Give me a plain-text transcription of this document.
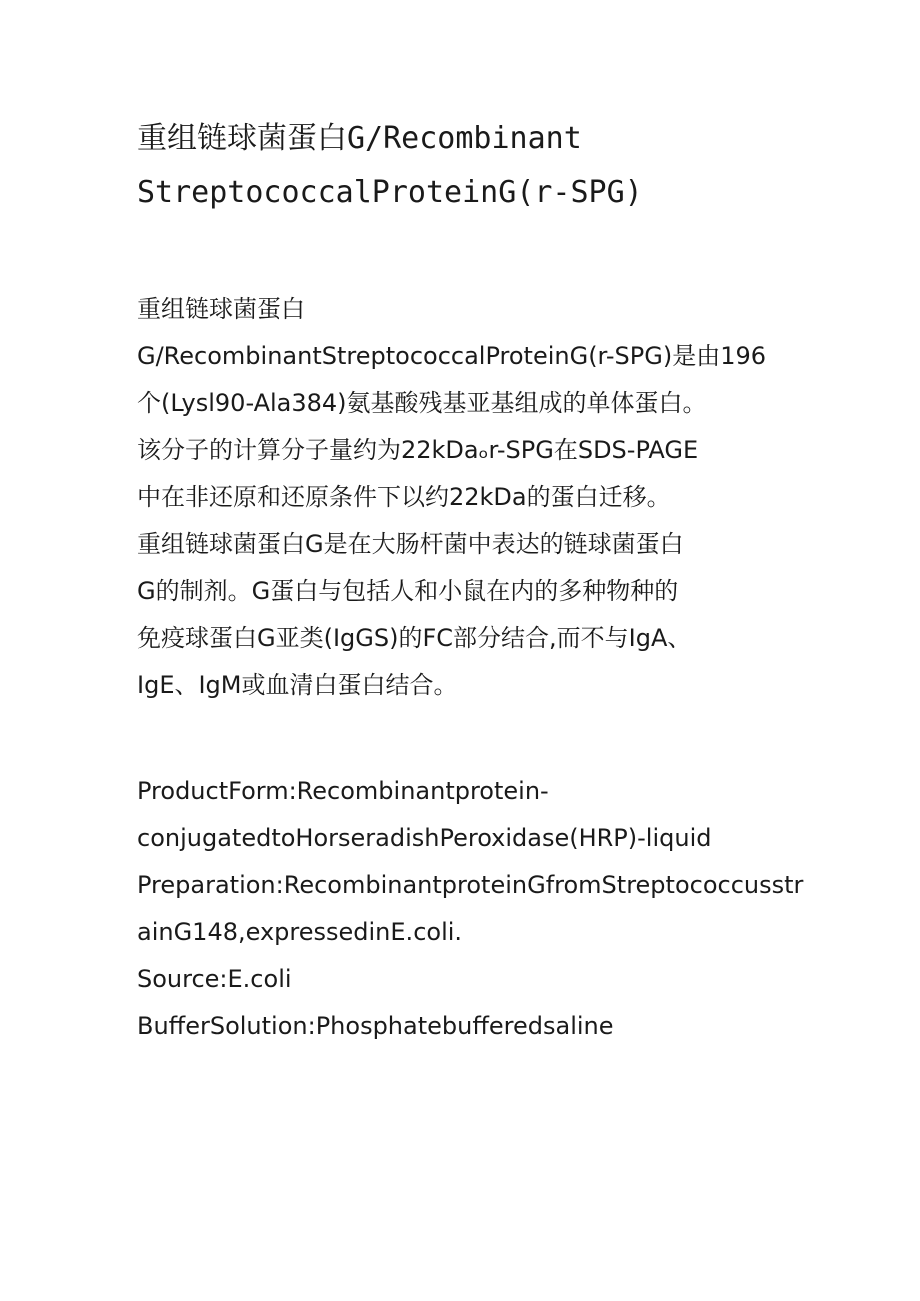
重组链球菌蛋白G/Recombinant
StreptococcalProteinG(r-SPG)
重组链球菌蛋白
G/RecombinantStreptococcalProteinG(r-SPG)是由196
个(Lysl90-Ala384)氨基酸残基亚基组成的单体蛋白。
该分子的计算分子量约为22kDaₒr-SPG在SDS-PAGE
中在非还原和还原条件下以约22kDa的蛋白迁移。
重组链球菌蛋白G是在大肠杆菌中表达的链球菌蛋白
G的制剂。G蛋白与包括人和小鼠在内的多种物种的
免疫球蛋白G亚类(IgGS)的FC部分结合,而不与IgA、
IgE、IgM或血清白蛋白结合。
ProductForm:Recombinantprotein-
conjugatedtoHorseradishPeroxidase(HRP)-liquid
Preparation:RecombinantproteinGfromStreptococcusstr
ainG148,expressedinE.coli.
Source:E.coli
BufferSolution:Phosphatebufferedsaline
